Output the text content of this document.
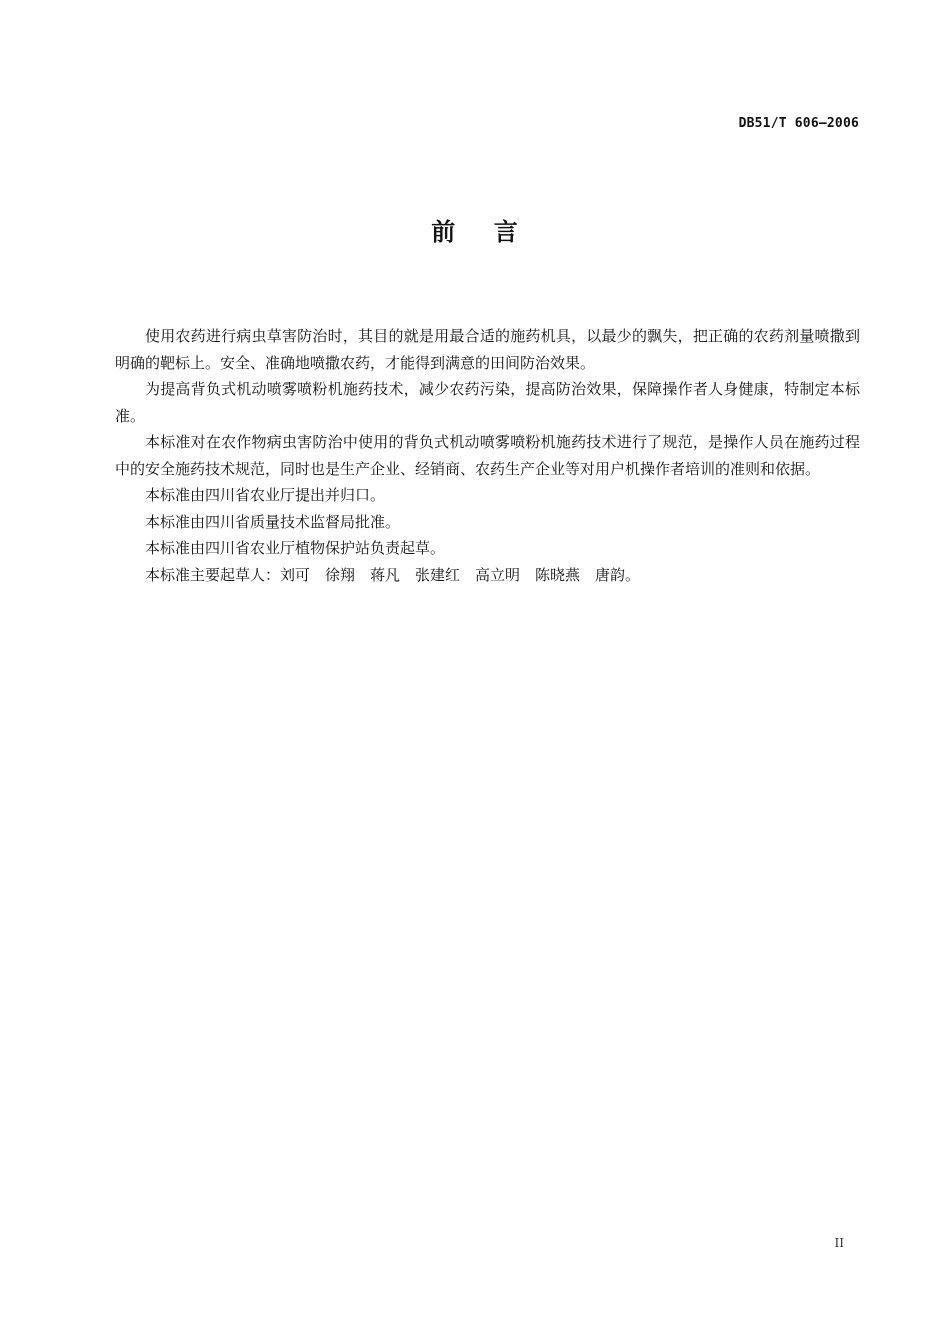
DB51/T 606—2006
前    言

使用农药进行病虫草害防治时，其目的就是用最合适的施药机具，以最少的飘失，把正确的农药剂量喷撒到明确的靶标上。安全、准确地喷撒农药，才能得到满意的田间防治效果。

为提高背负式机动喷雾喷粉机施药技术，减少农药污染，提高防治效果，保障操作者人身健康，特制定本标准。

本标准对在农作物病虫害防治中使用的背负式机动喷雾喷粉机施药技术进行了规范，是操作人员在施药过程中的安全施药技术规范，同时也是生产企业、经销商、农药生产企业等对用户机操作者培训的准则和依据。

本标准由四川省农业厅提出并归口。

本标准由四川省质量技术监督局批准。

本标准由四川省农业厅植物保护站负责起草。

本标准主要起草人：刘可　徐翔　蒋凡　张建红　高立明　陈晓燕　唐韵。

II
